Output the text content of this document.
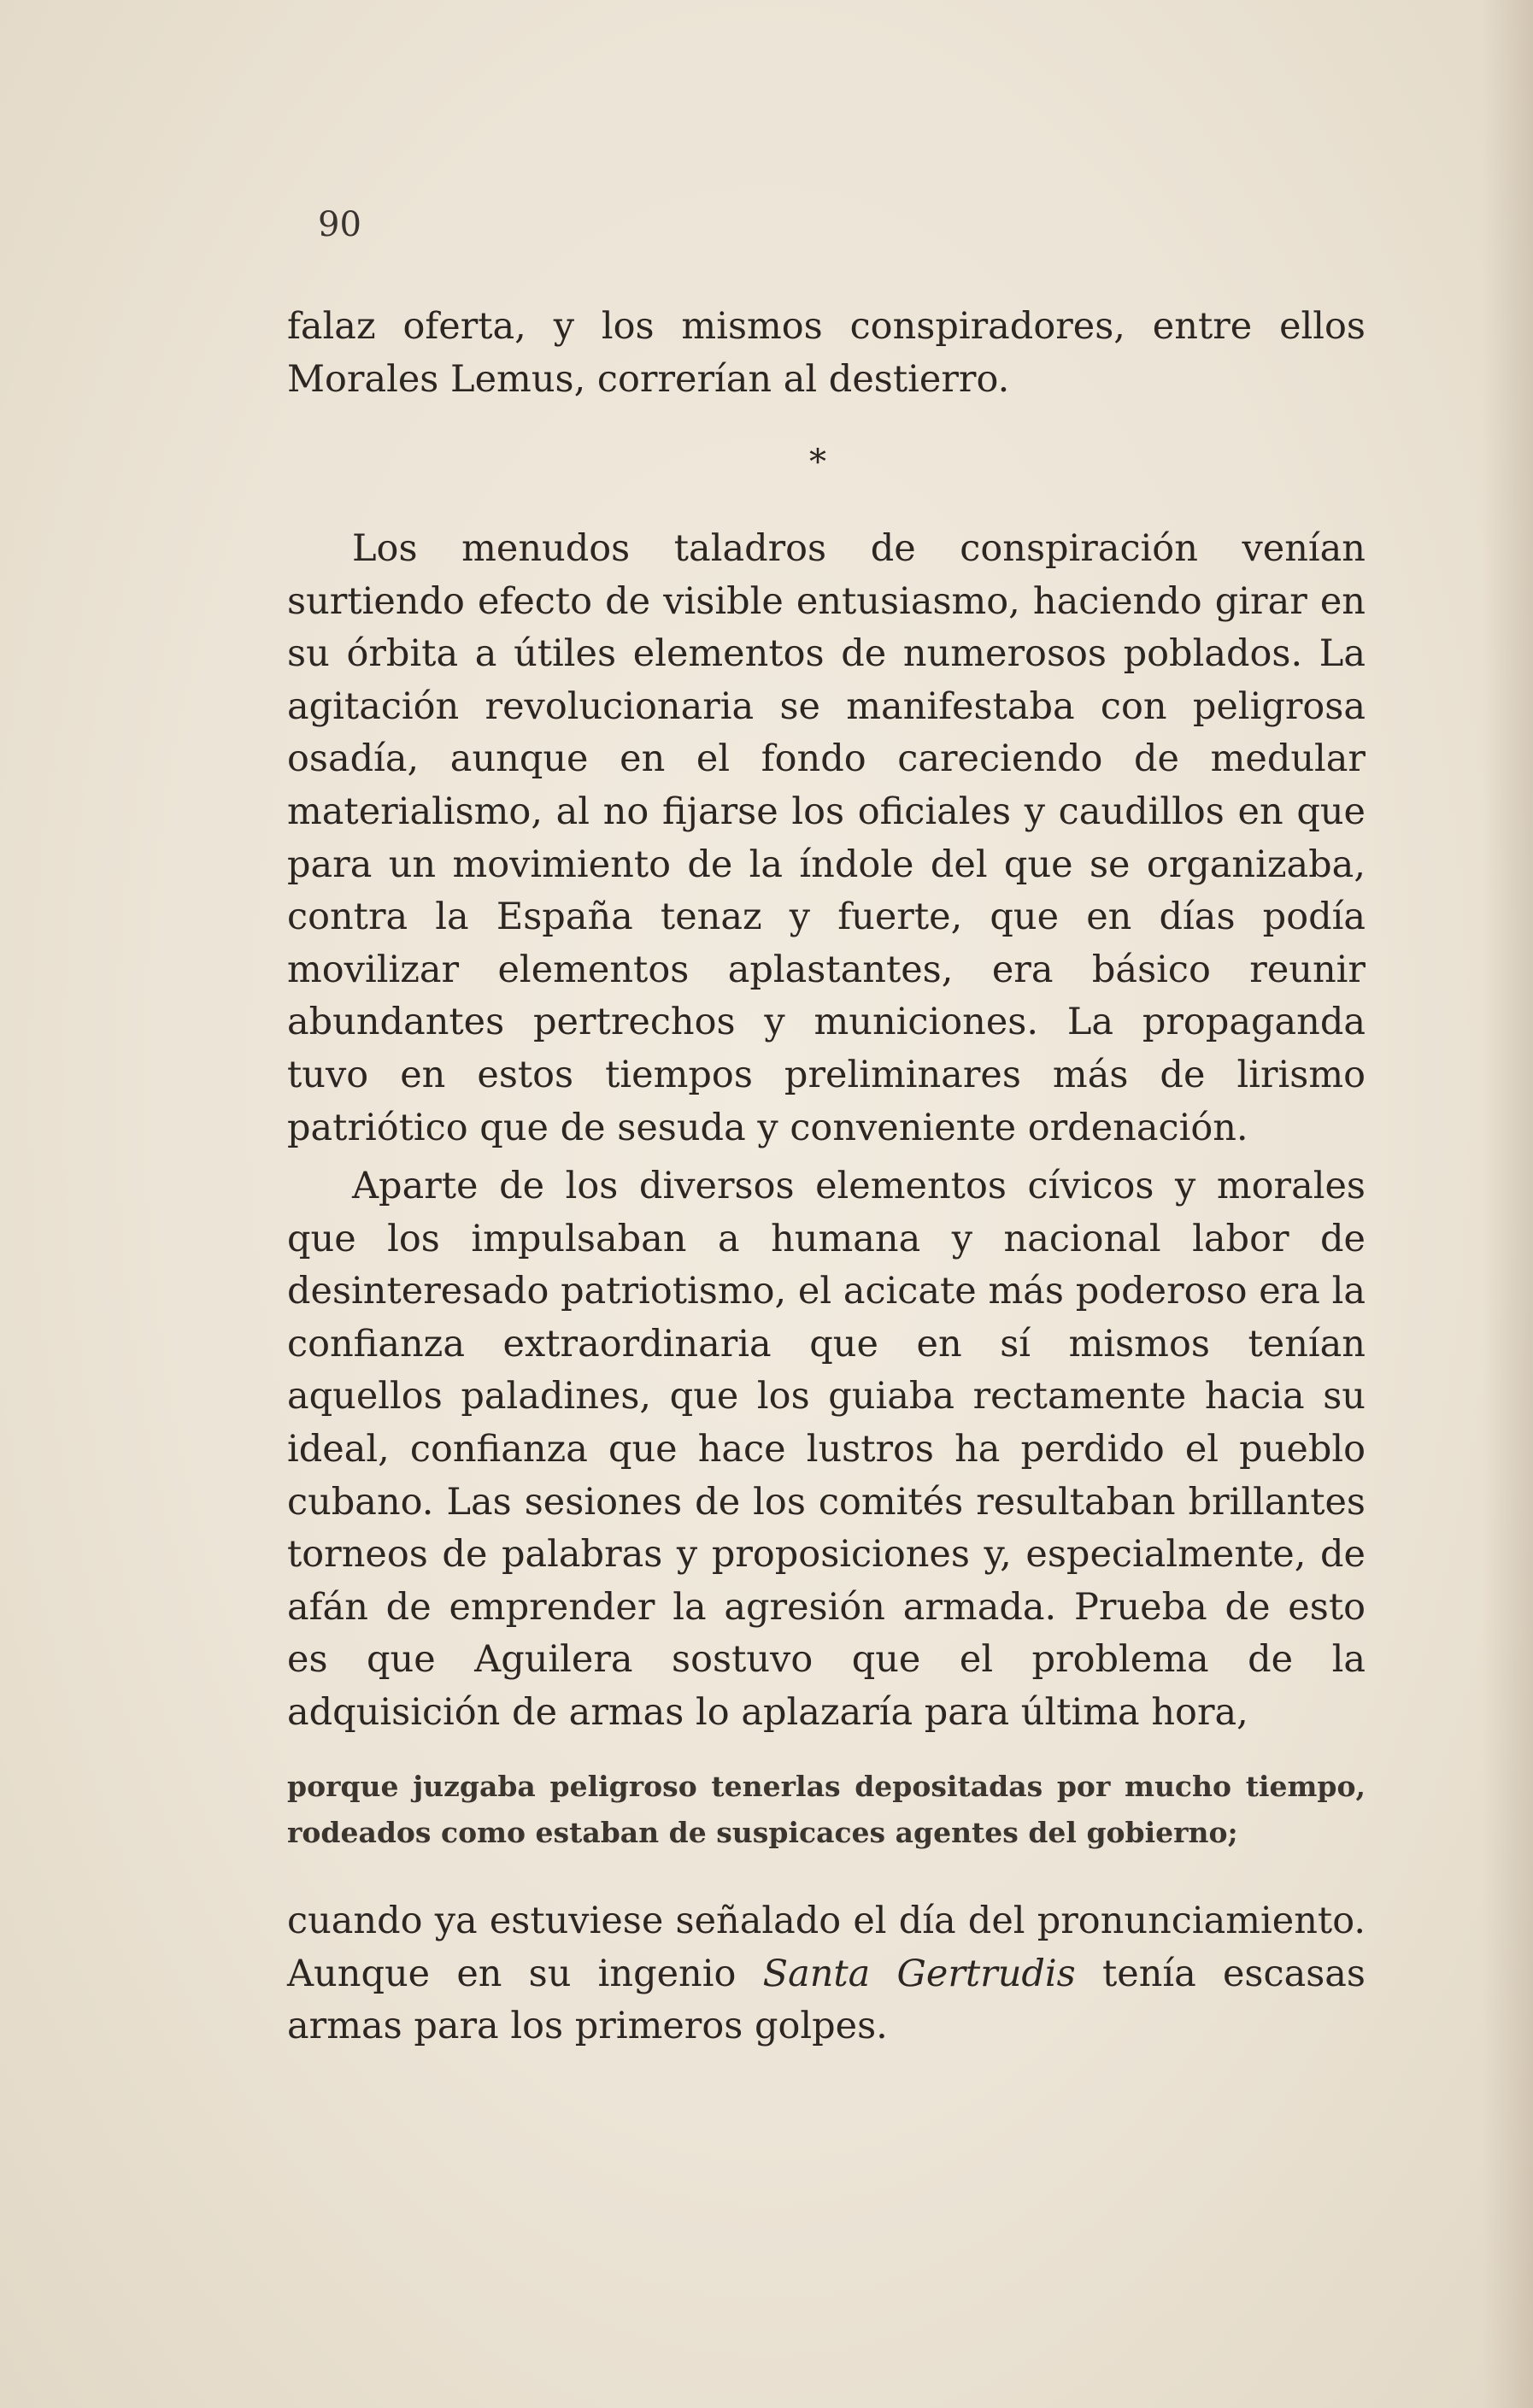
90

falaz oferta, y los mismos conspiradores, entre ellos Morales Lemus, correrían al destierro.

*

Los menudos taladros de conspiración venían surtiendo efecto de visible entusiasmo, haciendo girar en su órbita a útiles elementos de numerosos poblados. La agitación revolucionaria se manifestaba con peligrosa osadía, aunque en el fondo careciendo de medular materialismo, al no fijarse los oficiales y caudillos en que para un movimiento de la índole del que se organizaba, contra la España tenaz y fuerte, que en días podía movilizar elementos aplastantes, era básico reunir abundantes pertrechos y municiones. La propaganda tuvo en estos tiempos preliminares más de lirismo patriótico que de sesuda y conveniente ordenación.

Aparte de los diversos elementos cívicos y morales que los impulsaban a humana y nacional labor de desinteresado patriotismo, el acicate más poderoso era la confianza extraordinaria que en sí mismos tenían aquellos paladines, que los guiaba rectamente hacia su ideal, confianza que hace lustros ha perdido el pueblo cubano. Las sesiones de los comités resultaban brillantes torneos de palabras y proposiciones y, especialmente, de afán de emprender la agresión armada. Prueba de esto es que Aguilera sostuvo que el problema de la adquisición de armas lo aplazaría para última hora,

porque juzgaba peligroso tenerlas depositadas por mucho tiempo, rodeados como estaban de suspicaces agentes del gobierno;

cuando ya estuviese señalado el día del pronunciamiento. Aunque en su ingenio Santa Gertrudis tenía escasas armas para los primeros golpes.
